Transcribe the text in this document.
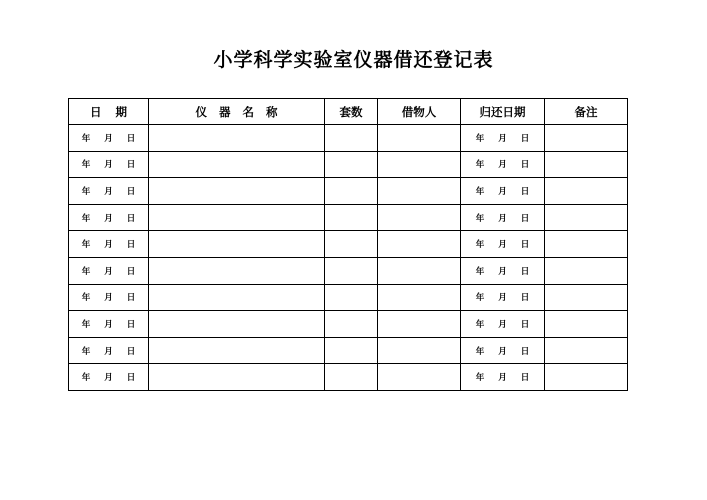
小学科学实验室仪器借还登记表
日期	仪器名称	套数	借物人	归还日期	备注

年 月 日				年 月 日	

年 月 日				年 月 日	

年 月 日				年 月 日	

年 月 日				年 月 日	

年 月 日				年 月 日	

年 月 日				年 月 日	

年 月 日				年 月 日	

年 月 日				年 月 日	

年 月 日				年 月 日	

年 月 日				年 月 日	
